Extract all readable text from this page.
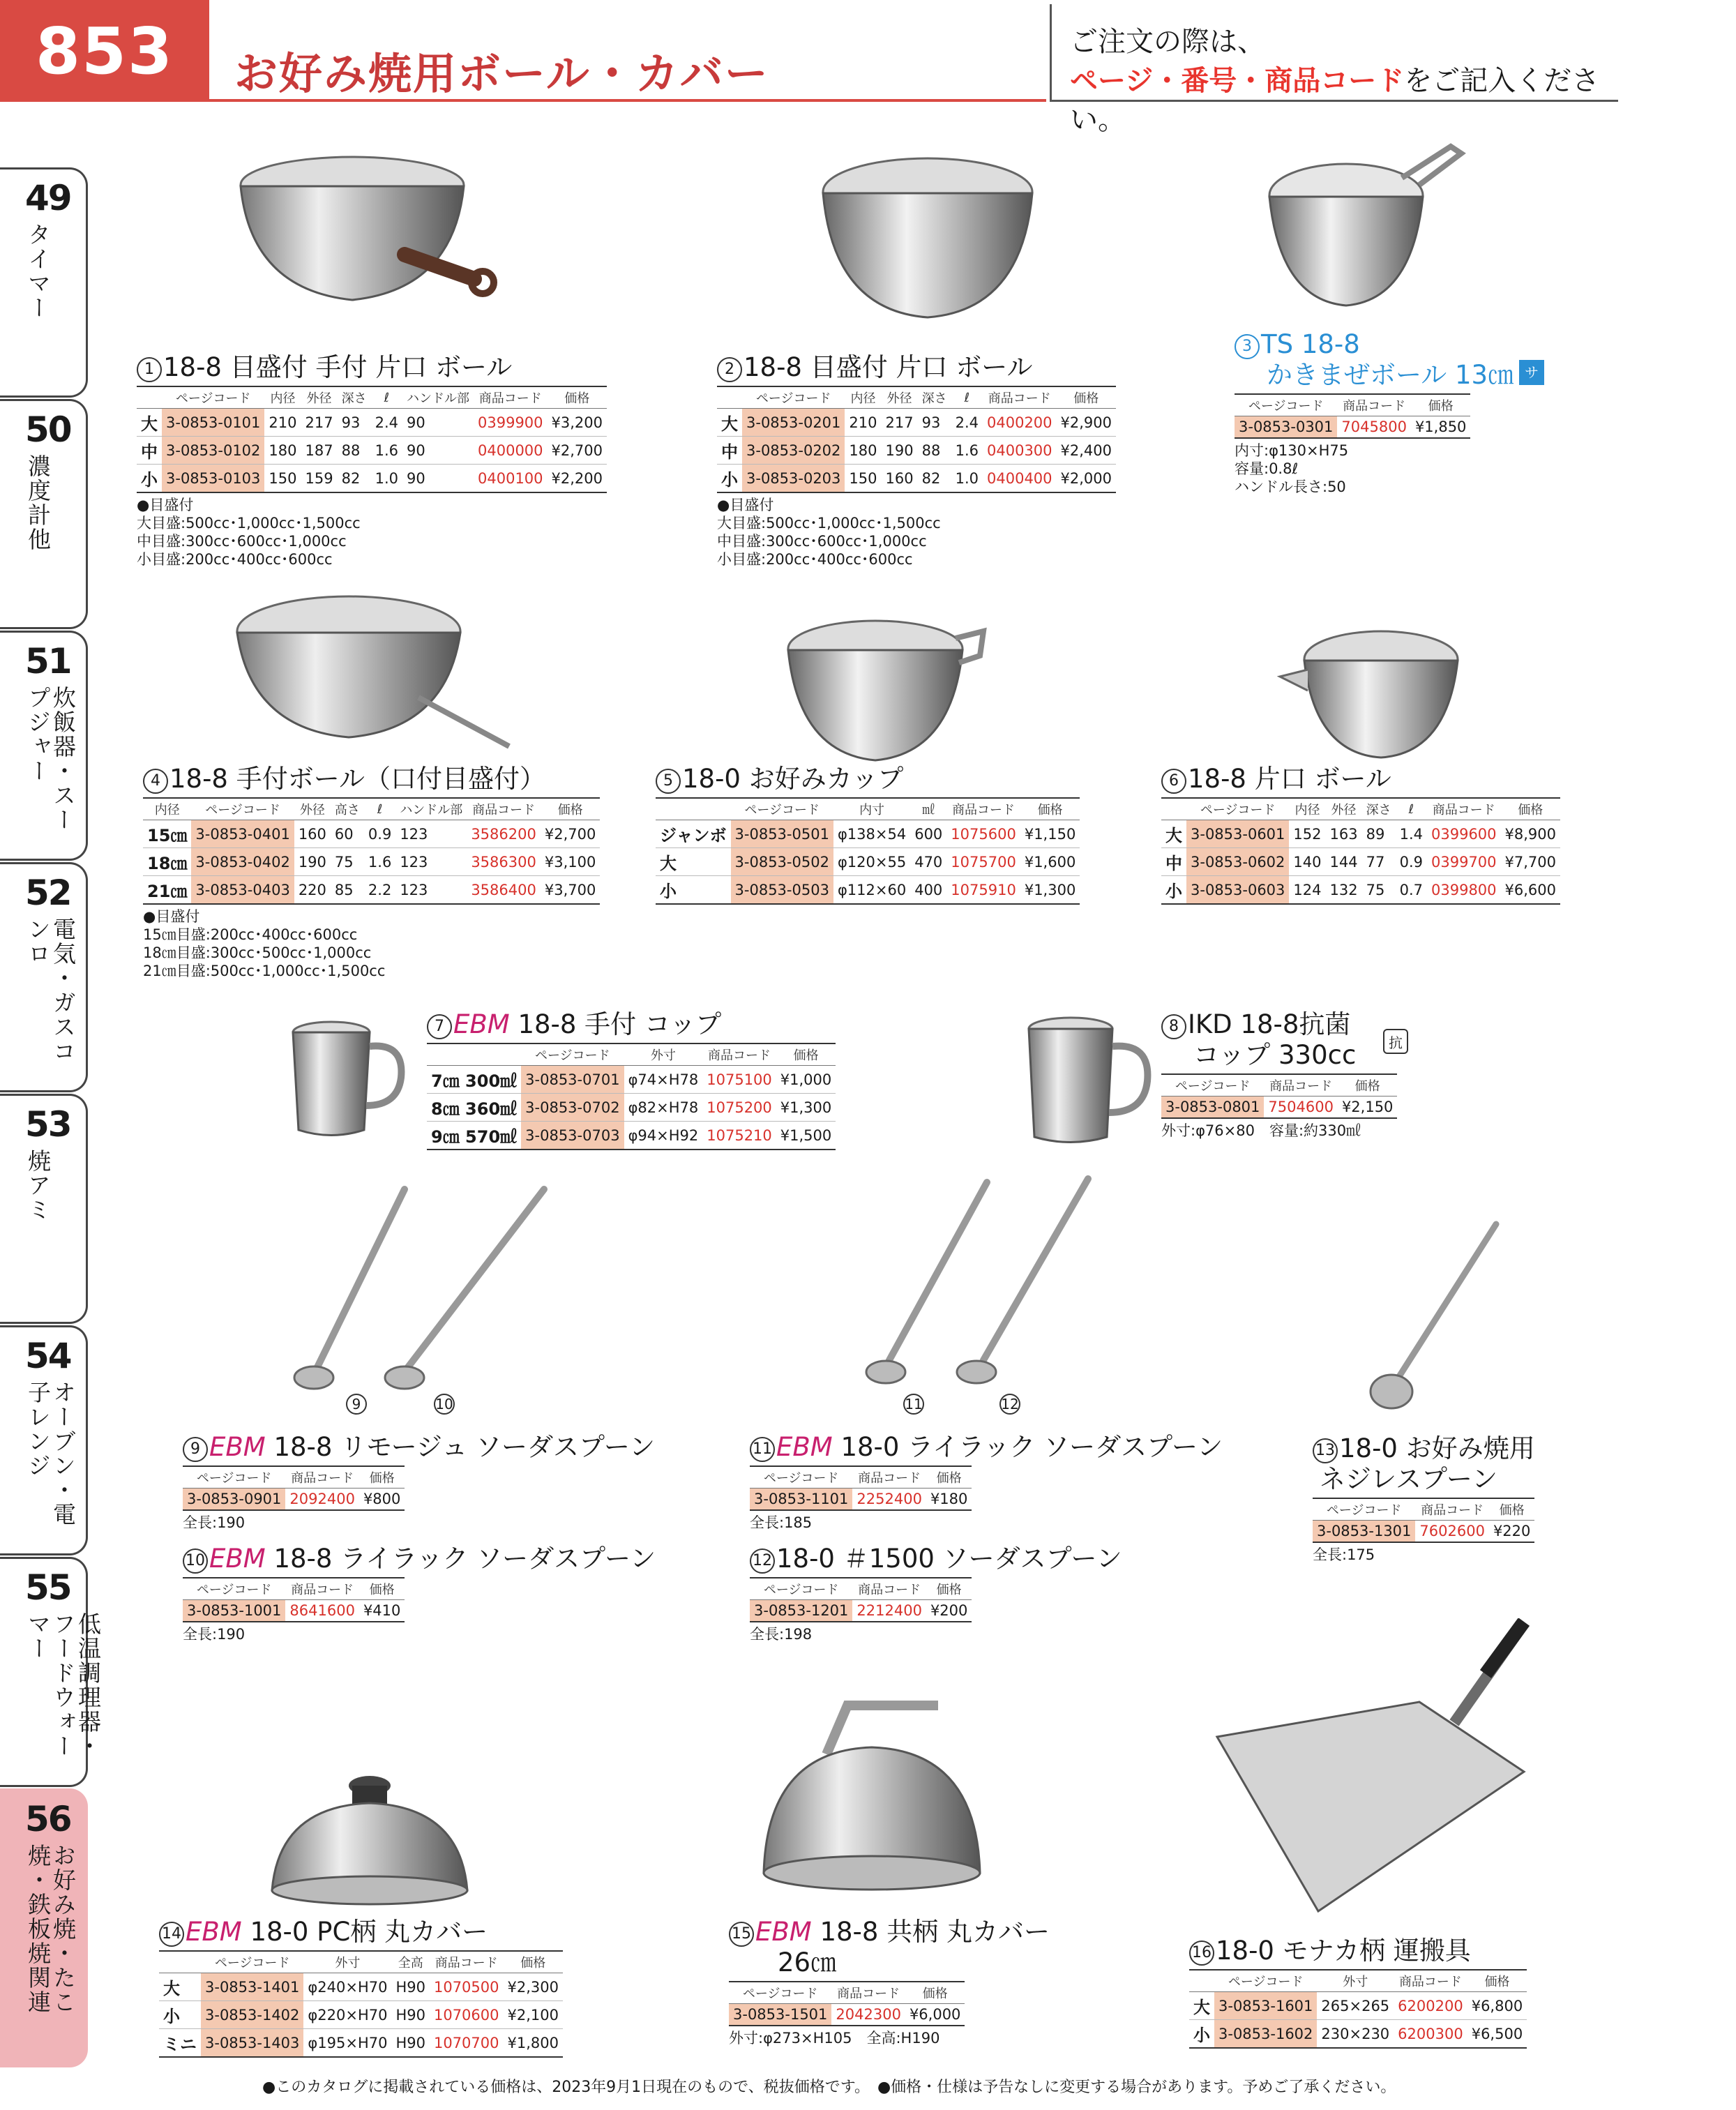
853	お好み焼用ボール・カバー
ご注文の際は、
ページ・番号・商品コードをご記入ください。
49
タイマー
50
濃度計他
51
炊飯器・スープジャー
52
電気・ガスコンロ
53
焼アミ
54
オーブン・電子レンジ
55
低温調理器・フードウォーマー
56
お好み焼・たこ焼・鉄板焼関連
抗
9	10	11	12
1 18-8 目盛付 手付 片口 ボール
	ページコード	内径	外径	深さ	ℓ	ハンドル部	商品コード	価格
大	3-0853-0101	210	217	93	2.4	90	0399900	¥3,200
中	3-0853-0102	180	187	88	1.6	90	0400000	¥2,700
小	3-0853-0103	150	159	82	1.0	90	0400100	¥2,200
●目盛付
大目盛:500cc･1,000cc･1,500cc
中目盛:300cc･600cc･1,000cc
小目盛:200cc･400cc･600cc
2 18-8 目盛付 片口 ボール
	ページコード	内径	外径	深さ	ℓ	商品コード	価格
大	3-0853-0201	210	217	93	2.4	0400200	¥2,900
中	3-0853-0202	180	190	88	1.6	0400300	¥2,400
小	3-0853-0203	150	160	82	1.0	0400400	¥2,000
●目盛付
大目盛:500cc･1,000cc･1,500cc
中目盛:300cc･600cc･1,000cc
小目盛:200cc･400cc･600cc
3 TS 18-8
かきまぜボール 13㎝ サ
ページコード	商品コード	価格
3-0853-0301	7045800	¥1,850
内寸:φ130×H75
容量:0.8ℓ
ハンドル長さ:50
4 18-8 手付ボール（口付目盛付）
内径	ページコード	外径	高さ	ℓ	ハンドル部	商品コード	価格
15㎝	3-0853-0401	160	60	0.9	123	3586200	¥2,700
18㎝	3-0853-0402	190	75	1.6	123	3586300	¥3,100
21㎝	3-0853-0403	220	85	2.2	123	3586400	¥3,700
●目盛付
15㎝目盛:200cc･400cc･600cc
18㎝目盛:300cc･500cc･1,000cc
21㎝目盛:500cc･1,000cc･1,500cc
5 18-0 お好みカップ
	ページコード	内寸	㎖	商品コード	価格
ジャンボ	3-0853-0501	φ138×54	600	1075600	¥1,150
大	3-0853-0502	φ120×55	470	1075700	¥1,600
小	3-0853-0503	φ112×60	400	1075910	¥1,300
6 18-8 片口 ボール
	ページコード	内径	外径	深さ	ℓ	商品コード	価格
大	3-0853-0601	152	163	89	1.4	0399600	¥8,900
中	3-0853-0602	140	144	77	0.9	0399700	¥7,700
小	3-0853-0603	124	132	75	0.7	0399800	¥6,600
7 EBM 18-8 手付 コップ
	ページコード	外寸	商品コード	価格
7㎝ 300㎖	3-0853-0701	φ74×H78	1075100	¥1,000
8㎝ 360㎖	3-0853-0702	φ82×H78	1075200	¥1,300
9㎝ 570㎖	3-0853-0703	φ94×H92	1075210	¥1,500
8 IKD 18-8抗菌
コップ 330cc
ページコード	商品コード	価格
3-0853-0801	7504600	¥2,150
外寸:φ76×80　容量:約330㎖
9 EBM 18-8 リモージュ ソーダスプーン
ページコード	商品コード	価格
3-0853-0901	2092400	¥800
全長:190
10 EBM 18-8 ライラック ソーダスプーン
ページコード	商品コード	価格
3-0853-1001	8641600	¥410
全長:190
11 EBM 18-0 ライラック ソーダスプーン
ページコード	商品コード	価格
3-0853-1101	2252400	¥180
全長:185
12 18-0 ＃1500 ソーダスプーン
ページコード	商品コード	価格
3-0853-1201	2212400	¥200
全長:198
13 18-0 お好み焼用
ネジレスプーン
ページコード	商品コード	価格
3-0853-1301	7602600	¥220
全長:175
14 EBM 18-0 PC柄 丸カバー
	ページコード	外寸	全高	商品コード	価格
大	3-0853-1401	φ240×H70	H90	1070500	¥2,300
小	3-0853-1402	φ220×H70	H90	1070600	¥2,100
ミニ	3-0853-1403	φ195×H70	H90	1070700	¥1,800
15 EBM 18-8 共柄 丸カバー
26㎝
ページコード	商品コード	価格
3-0853-1501	2042300	¥6,000
外寸:φ273×H105　全高:H190
16 18-0 モナカ柄 運搬具
	ページコード	外寸	商品コード	価格
大	3-0853-1601	265×265	6200200	¥6,800
小	3-0853-1602	230×230	6200300	¥6,500
●このカタログに掲載されている価格は、2023年9月1日現在のもので、税抜価格です。　●価格・仕様は予告なしに変更する場合があります。予めご了承ください。
